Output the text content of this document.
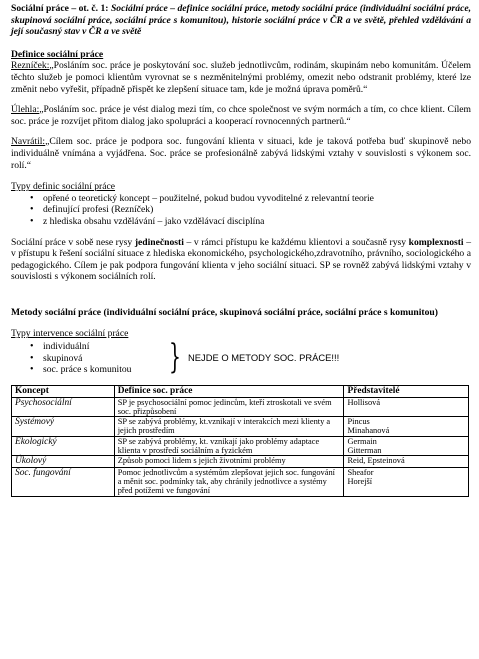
Sociální práce – ot. č. 1: Sociální práce – definice sociální práce, metody sociální práce (individuální sociální práce, skupinová sociální práce, sociální práce s komunitou), historie sociální práce v ČR a ve světě, přehled vzdělávání a její současný stav v ČR a ve světě

Definice sociální práce

Rezníček:„Posláním soc. práce je poskytování soc. služeb jednotlivcům, rodinám, skupinám nebo komunitám. Účelem těchto služeb je pomoci klientům vyrovnat se s nezměnitelnými problémy, omezit nebo odstranit problémy, které lze změnit nebo vyřešit, případně přispět ke zlepšení situace tam, kde je možná úprava poměrů.“

Úlehla:„Posláním soc. práce je vést dialog mezi tím, co chce společnost ve svým normách a tím, co chce klient. Cílem soc. práce je rozvíjet přitom dialog jako spolupráci a kooperací rovnocenných partnerů.“

Navrátil:„Cílem soc. práce je podpora soc. fungování klienta v situaci, kde je taková potřeba buď skupinově nebo individuálně vnímána a vyjádřena. Soc. práce se profesionálně zabývá lidskými vztahy v souvislosti s výkonem soc. rolí.“

Typy definic sociální práce

• opřené o teoretický koncept – použitelné, pokud budou vyvoditelné z relevantní teorie
• definující profesi (Rezníček)
• z hlediska obsahu vzdělávání – jako vzdělávací disciplína

Sociální práce v sobě nese rysy jedinečnosti – v rámci přístupu ke každému klientovi a současně rysy komplexnosti – v přístupu k řešení sociální situace z hlediska ekonomického, psychologického,zdravotního, právního, sociologického a pedagogického. Cílem je pak podpora fungování klienta v jeho sociální situaci. SP se rovněž zabývá lidskými vztahy v souvislosti s výkonem sociálních rolí.

Metody sociální práce (individuální sociální práce, skupinová sociální práce, sociální práce s komunitou)

Typy intervence sociální práce

• individuální
• skupinová
• soc. práce s komunitou	} NEJDE O METODY SOC. PRÁCE!!!
Koncept	Definice soc. práce	Představitelé
Psychosociální	SP je psychosociální pomoc jedincům, kteří ztroskotali ve svém soc. přizpůsobení	Hollisová
Systémový	SP se zabývá problémy, kt.vznikají v interakcích mezi klienty a jejich prostředím	Pincus
Minahanová
Ekologický	SP se zabývá problémy, kt. vznikají jako problémy adaptace klienta v prostředí sociálním a fyzickém	Germain
Gitterman
Úkolový	Způsob pomoci lidem s jejich životními problémy	Reid, Epsteinová
Soc. fungování	Pomoc jednotlivcům a systémům zlepšovat jejich soc. fungování a měnit soc. podmínky tak, aby chránily jednotlivce a systémy před potížemi ve fungování	Sheafor
Horejší
